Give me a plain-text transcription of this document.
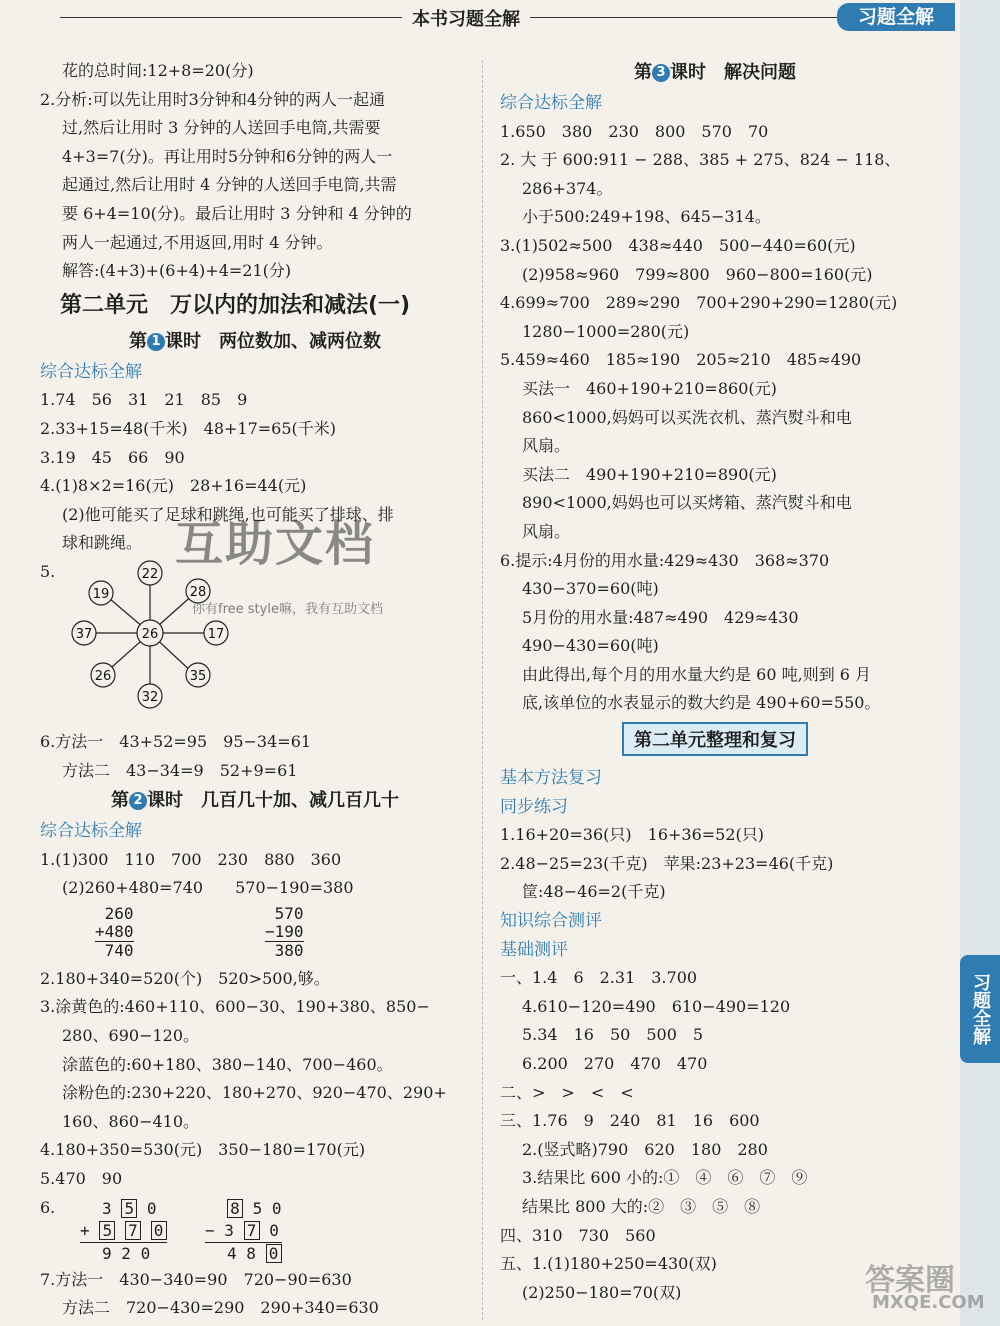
本书习题全解	习题全解
习题全解
花的总时间:12+8=20(分)
2.分析:可以先让用时3分钟和4分钟的两人一起通
过,然后让用时 3 分钟的人送回手电筒,共需要
4+3=7(分)。再让用时5分钟和6分钟的两人一
起通过,然后让用时 4 分钟的人送回手电筒,共需
要 6+4=10(分)。最后让用时 3 分钟和 4 分钟的
两人一起通过,不用返回,用时 4 分钟。
解答:(4+3)+(6+4)+4=21(分)
第二单元　万以内的加法和减法(一)
第 1 课时　两位数加、减两位数
综合达标全解
1.74　56　31　21　85　9
2.33+15=48(千米)　48+17=65(千米)
3.19　45　66　90
4.(1)8×2=16(元)　28+16=44(元)
(2)他可能买了足球和跳绳,也可能买了排球、排
球和跳绳。
5.
26
22
28
17
35
32
26
37
19
6.方法一　43+52=95　95−34=61
方法二　43−34=9　52+9=61
第 2 课时　几百几十加、减几百几十
综合达标全解
1.(1)300　110　700　230　880　360
(2)260+480=740　　570−190=380
260
+480
740
570
−190
380
2.180+340=520(个)　520>500,够。
3.涂黄色的:460+110、600−30、190+380、850−
280、690−120。
涂蓝色的:60+180、380−140、700−460。
涂粉色的:230+220、180+270、920−470、290+
160、860−410。
4.180+350=530(元)　350−180=170(元)
5.470　90
6.	3 5 0
+ 5 7 0
9 2 0
8 5 0
− 3 7 0
4 8 0
7.方法一　430−340=90　720−90=630
方法二　720−430=290　290+340=630
第 3 课时　解决问题
综合达标全解
1.650　380　230　800　570　70
2. 大 于 600:911 − 288、385 + 275、824 − 118、
286+374。
小于500:249+198、645−314。
3.(1)502≈500　438≈440　500−440=60(元)
(2)958≈960　799≈800　960−800=160(元)
4.699≈700　289≈290　700+290+290=1280(元)
1280−1000=280(元)
5.459≈460　185≈190　205≈210　485≈490
买法一　460+190+210=860(元)
860<1000,妈妈可以买洗衣机、蒸汽熨斗和电
风扇。
买法二　490+190+210=890(元)
890<1000,妈妈也可以买烤箱、蒸汽熨斗和电
风扇。
6.提示:4月份的用水量:429≈430　368≈370
430−370=60(吨)
5月份的用水量:487≈490　429≈430
490−430=60(吨)
由此得出,每个月的用水量大约是 60 吨,则到 6 月
底,该单位的水表显示的数大约是 490+60=550。
第二单元整理和复习
基本方法复习
同步练习
1.16+20=36(只)　16+36=52(只)
2.48−25=23(千克)　苹果:23+23=46(千克)
筐:48−46=2(千克)
知识综合测评
基础测评
一、1.4　6　2.31　3.700
4.610−120=490　610−490=120
5.34　16　50　500　5
6.200　270　470　470
二、>　>　<　<
三、1.76　9　240　81　16　600
2.(竖式略)790　620　180　280
3.结果比 600 小的:①　④　⑥　⑦　⑨
结果比 800 大的:②　③　⑤　⑧
四、310　730　560
五、1.(1)180+250=430(双)
(2)250−180=70(双)
互助文档
你有free style嘛，我有互助文档
答案圈
MXQE.COM
